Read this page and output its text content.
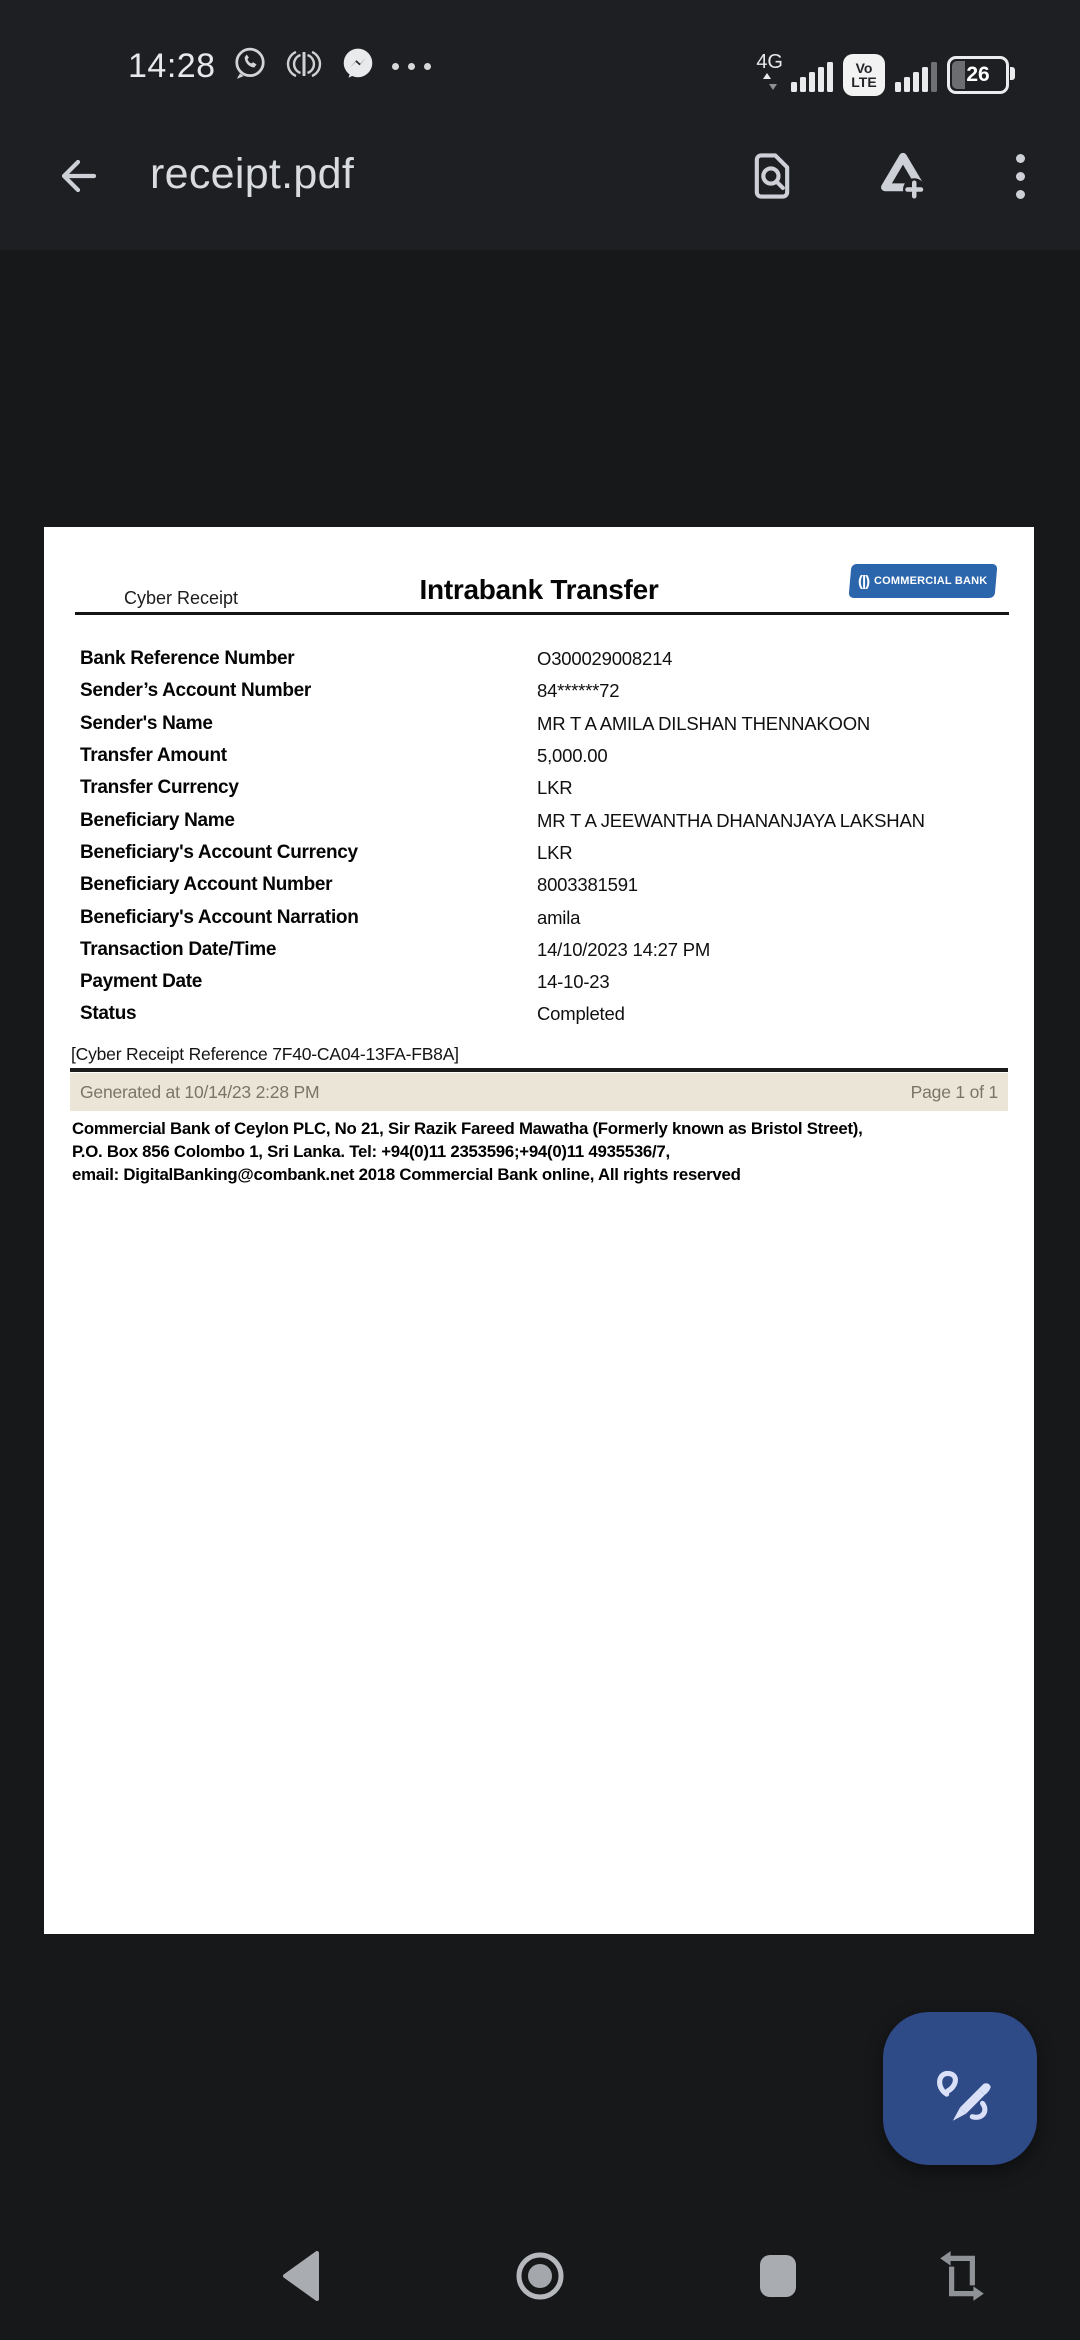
14:28	4G	Vo
LTE	26
receipt.pdf
Cyber Receipt	Intrabank Transfer	(|) COMMERCIAL BANK
Bank Reference Number	O300029008214
Sender’s Account Number	84******72
Sender's Name	MR T A AMILA DILSHAN THENNAKOON
Transfer Amount	5,000.00
Transfer Currency	LKR
Beneficiary Name	MR T A JEEWANTHA DHANANJAYA LAKSHAN
Beneficiary's Account Currency	LKR
Beneficiary Account Number	8003381591
Beneficiary's Account Narration	amila
Transaction Date/Time	14/10/2023 14:27 PM
Payment Date	14-10-23
Status	Completed
[Cyber Receipt Reference 7F40-CA04-13FA-FB8A]
Generated at 10/14/23 2:28 PM	Page 1 of 1
Commercial Bank of Ceylon PLC, No 21, Sir Razik Fareed Mawatha (Formerly known as Bristol Street),
P.O. Box 856 Colombo 1, Sri Lanka. Tel: +94(0)11 2353596;+94(0)11 4935536/7,
email: DigitalBanking@combank.net 2018 Commercial Bank online, All rights reserved
